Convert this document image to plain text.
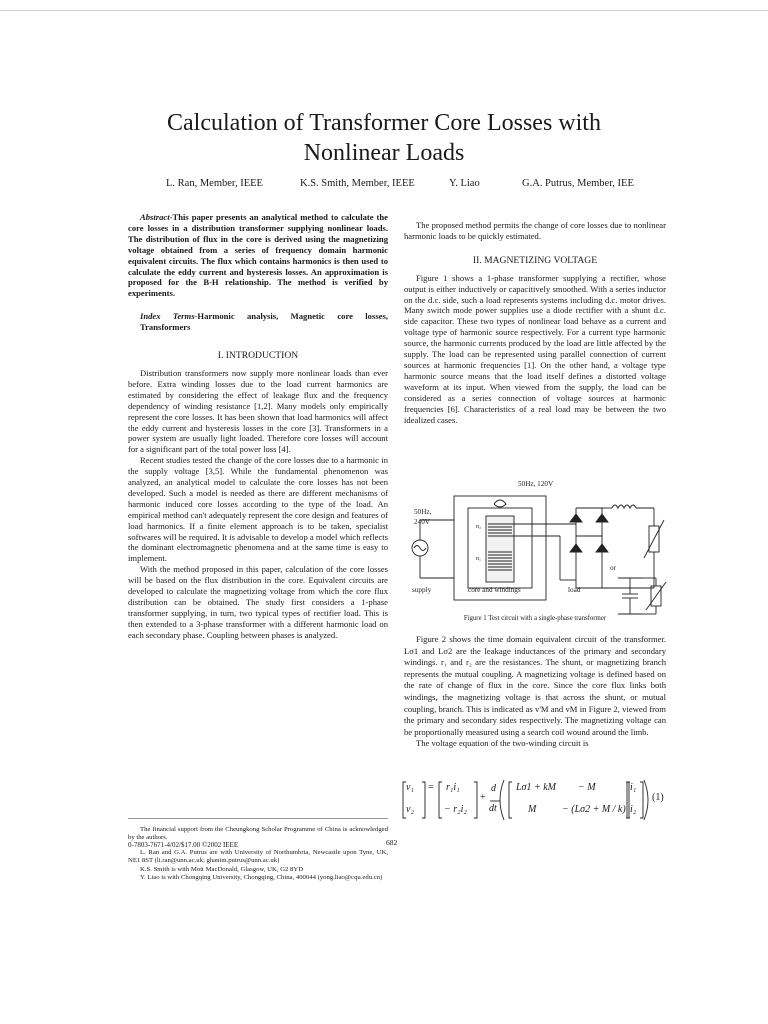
Calculation of Transformer Core Losses with
Nonlinear Loads
L. Ran, Member, IEEE	K.S. Smith, Member, IEEE	Y. Liao	G.A. Putrus, Member, IEE

Abstract-This paper presents an analytical method to calculate the core losses in a distribution transformer supplying nonlinear loads. The distribution of flux in the core is derived using the magnetizing voltage obtained from a series of frequency domain harmonic equivalent circuits. The flux which contains harmonics is then used to calculate the eddy current and hysteresis losses. An approximation is proposed for the B-H relationship. The method is verified by experiments.

Index Terms-Harmonic analysis, Magnetic core losses, Transformers

I. INTRODUCTION

Distribution transformers now supply more nonlinear loads than ever before. Extra winding losses due to the load current harmonics are estimated by considering the effect of leakage flux and the frequency dependency of winding resistance [1,2]. Many models only empirically represent the core losses. It has been shown that load harmonics will affect the eddy current and hysteresis losses in the core [3]. Transformers in a power system are usually light loaded. Therefore core losses will account for a significant part of the total power loss [4].

Recent studies tested the change of the core losses due to a harmonic in the supply voltage [3,5]. While the fundamental phenomenon was analyzed, an analytical model to calculate the core losses has not been developed. Such a model is needed as there are different mechanisms of harmonic induced core losses according to the type of the load. An empirical method can't adequately represent the core design and features of load harmonics. If a finite element approach is to be taken, specialist softwares will be required. It is advisable to develop a model which reflects the dominant electromagnetic phenomena and at the same time is easy to implement.

With the method proposed in this paper, calculation of the core losses will be based on the flux distribution in the core. Equivalent circuits are developed to calculate the magnetizing voltage from which the core flux distribution can be obtained. The study first considers a 1-phase transformer supplying, in turn, two typical types of rectifier load. This is then extended to a 3-phase transformer with a different harmonic load on each secondary phase. Coupling between phases is analyzed.

The financial support from the Cheungkong Scholar Programme of China is acknowledged by the authors.

L. Ran and G.A. Putrus are with University of Northumbria, Newcastle upon Tyne, UK, NE1 8ST (li.ran@unn.ac.uk; ghanim.putrus@unn.ac.uk)

K.S. Smith is with Mott MacDonald, Glasgow, UK, G2 8YD

Y. Liao is with Chongqing University, Chongqing, China, 400044 (yong.liao@cqu.edu.cn)

0-7803-7671-4/02/$17.00 ©2002 IEEE	682

The proposed method permits the change of core losses due to nonlinear harmonic loads to be quickly estimated.

II. MAGNETIZING VOLTAGE

Figure 1 shows a 1-phase transformer supplying a rectifier, whose output is either inductively or capacitively smoothed. With a series inductor on the d.c. side, such a load represents systems including d.c. motor drives. Many switch mode power supplies use a diode rectifier with a shunt d.c. side capacitor. These two types of nonlinear load behave as a current and voltage type of harmonic source respectively. For a current type harmonic source, the harmonic currents produced by the load are little affected by the supply. The load can be represented using parallel connection of current sources at harmonic frequencies [1]. On the other hand, a voltage type harmonic source means that the load itself defines a distorted voltage waveform at its input. When viewed from the supply, the load can be considered as a series connection of voltage sources at harmonic frequencies [6]. Characteristics of a real load may be between the two idealized cases.

50Hz, 120V
50Hz,
240V
n₂
n₁
or
supply	core and windings	load
Figure 1 Test circuit with a single-phase transformer

Figure 2 shows the time domain equivalent circuit of the transformer. Lσ1 and Lσ2 are the leakage inductances of the primary and secondary windings. r₁ and r₂ are the resistances. The shunt, or magnetizing branch represents the mutual coupling. A magnetizing voltage is defined based on the rate of change of flux in the core. Since the core flux links both windings, the magnetizing voltage is that across the shunt, or mutual coupling, branch. This is indicated as v'M and vM in Figure 2, viewed from the primary and secondary sides respectively. The magnetizing voltage can be proportionally measured using a search coil wound around the limb.

The voltage equation of the two-winding circuit is

v₁
v₂
= r₁i₁
− r₂i₂
+
d
dt
Lσ1 + kM − M
M	− (Lσ2 + M / k)
i₁
i₂
(1)
